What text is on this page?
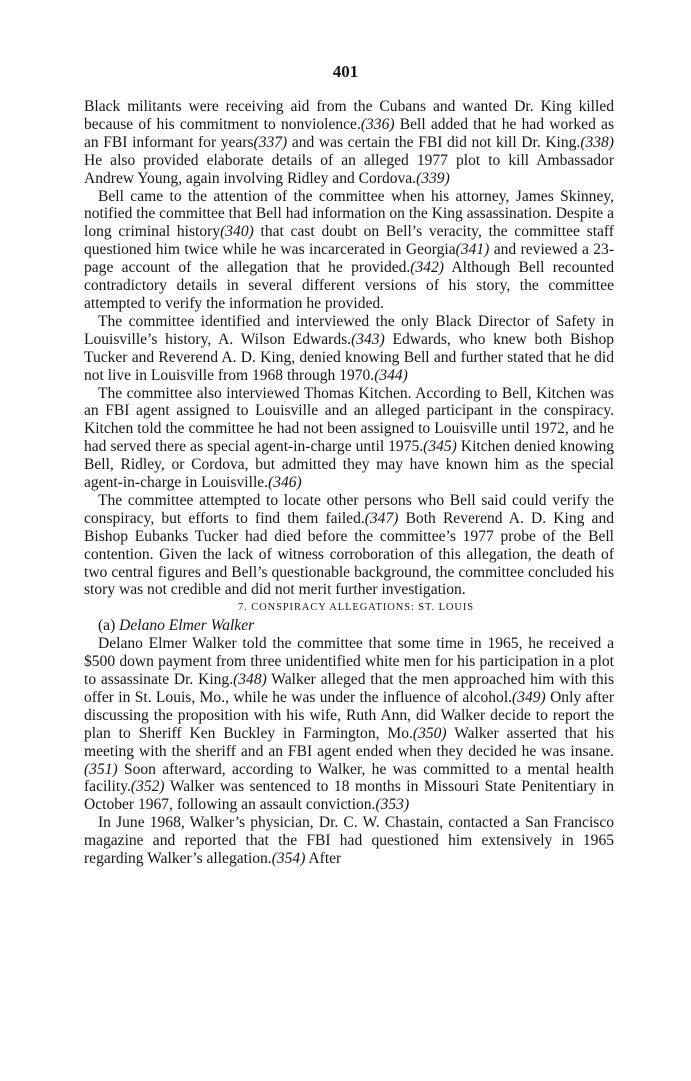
401

Black militants were receiving aid from the Cubans and wanted Dr. King killed because of his commitment to nonviolence.(336) Bell added that he had worked as an FBI informant for years(337) and was certain the FBI did not kill Dr. King.(338) He also provided elaborate details of an alleged 1977 plot to kill Ambassador Andrew Young, again involving Ridley and Cordova.(339)

Bell came to the attention of the committee when his attorney, James Skinney, notified the committee that Bell had information on the King assassination. Despite a long criminal history(340) that cast doubt on Bell’s veracity, the committee staff questioned him twice while he was incarcerated in Georgia(341) and reviewed a 23-page account of the allegation that he provided.(342) Although Bell recounted contradictory details in several different versions of his story, the committee attempted to verify the information he provided.

The committee identified and interviewed the only Black Director of Safety in Louisville’s history, A. Wilson Edwards.(343) Edwards, who knew both Bishop Tucker and Reverend A. D. King, denied knowing Bell and further stated that he did not live in Louisville from 1968 through 1970.(344)

The committee also interviewed Thomas Kitchen. According to Bell, Kitchen was an FBI agent assigned to Louisville and an alleged participant in the conspiracy. Kitchen told the committee he had not been assigned to Louisville until 1972, and he had served there as special agent-in-charge until 1975.(345) Kitchen denied knowing Bell, Ridley, or Cordova, but admitted they may have known him as the special agent-in-charge in Louisville.(346)

The committee attempted to locate other persons who Bell said could verify the conspiracy, but efforts to find them failed.(347) Both Reverend A. D. King and Bishop Eubanks Tucker had died before the committee’s 1977 probe of the Bell contention. Given the lack of witness corroboration of this allegation, the death of two central figures and Bell’s questionable background, the committee concluded his story was not credible and did not merit further investigation.

7. CONSPIRACY ALLEGATIONS: ST. LOUIS

(a) Delano Elmer Walker

Delano Elmer Walker told the committee that some time in 1965, he received a $500 down payment from three unidentified white men for his participation in a plot to assassinate Dr. King.(348) Walker alleged that the men approached him with this offer in St. Louis, Mo., while he was under the influence of alcohol.(349) Only after discussing the proposition with his wife, Ruth Ann, did Walker decide to report the plan to Sheriff Ken Buckley in Farmington, Mo.(350) Walker asserted that his meeting with the sheriff and an FBI agent ended when they decided he was insane.(351) Soon afterward, according to Walker, he was committed to a mental health facility.(352) Walker was sentenced to 18 months in Missouri State Penitentiary in October 1967, following an assault conviction.(353)

In June 1968, Walker’s physician, Dr. C. W. Chastain, contacted a San Francisco magazine and reported that the FBI had questioned him extensively in 1965 regarding Walker’s allegation.(354) After
